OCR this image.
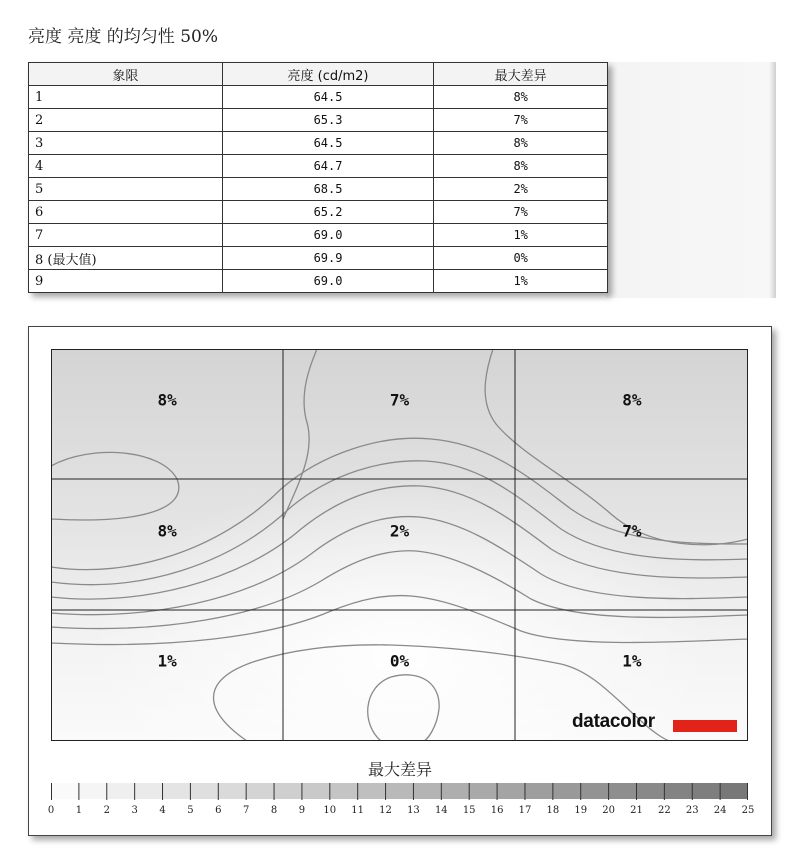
亮度 亮度 的均匀性 50%
象限	亮度 (cd/m2)	最大差异
1	64.5	8%
2	65.3	7%
3	64.5	8%
4	64.7	8%
5	68.5	2%
6	65.2	7%
7	69.0	1%
8 (最大值)	69.9	0%
9	69.0	1%
8%	7%	8%
8%	2%	7%
1%	0%	1%
datacolor
最大差异
0 1 2 3 4 5 6 7 8 9 10 11 12 13 14 15 16 17 18 19 20 21 22 23 24 25
